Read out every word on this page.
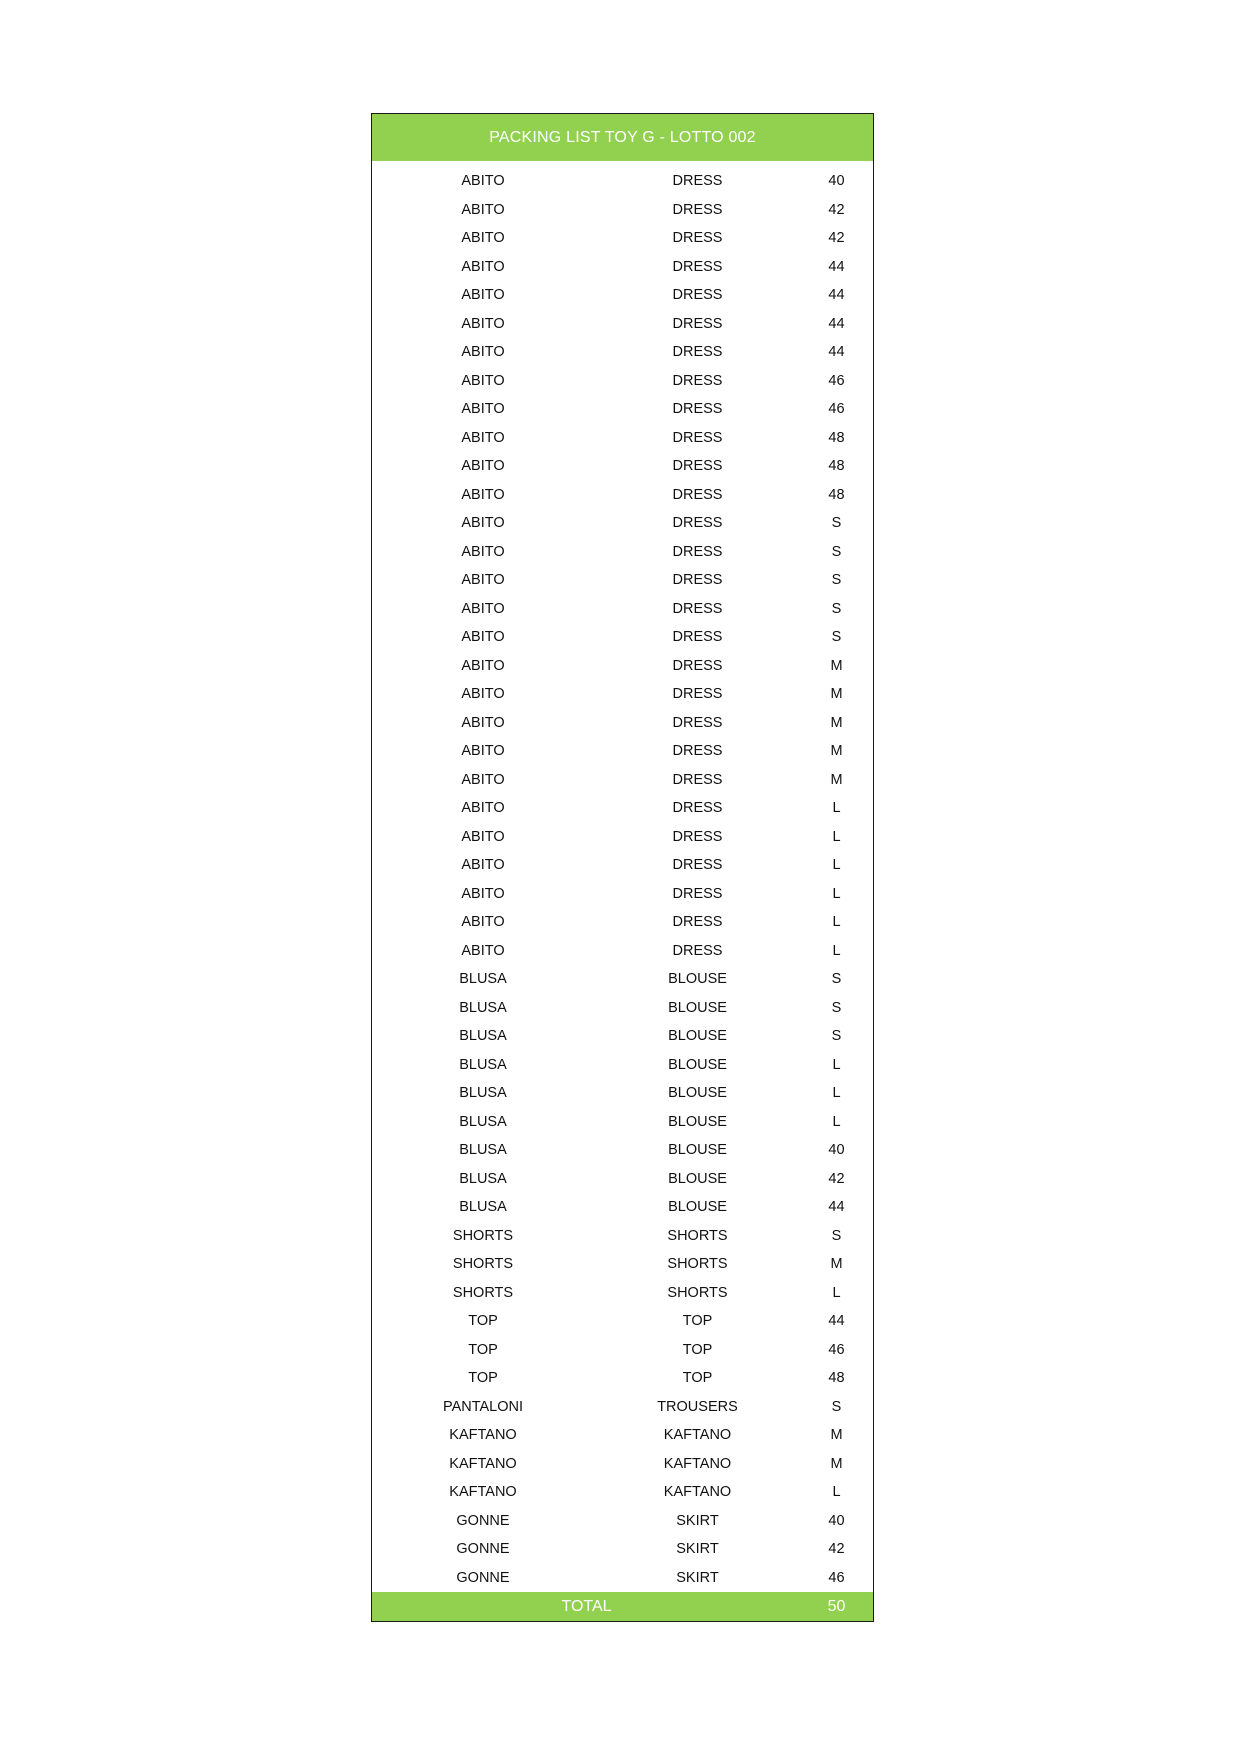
PACKING LIST TOY G - LOTTO 002
ABITO	DRESS	40
ABITO	DRESS	42
ABITO	DRESS	42
ABITO	DRESS	44
ABITO	DRESS	44
ABITO	DRESS	44
ABITO	DRESS	44
ABITO	DRESS	46
ABITO	DRESS	46
ABITO	DRESS	48
ABITO	DRESS	48
ABITO	DRESS	48
ABITO	DRESS	S
ABITO	DRESS	S
ABITO	DRESS	S
ABITO	DRESS	S
ABITO	DRESS	S
ABITO	DRESS	M
ABITO	DRESS	M
ABITO	DRESS	M
ABITO	DRESS	M
ABITO	DRESS	M
ABITO	DRESS	L
ABITO	DRESS	L
ABITO	DRESS	L
ABITO	DRESS	L
ABITO	DRESS	L
ABITO	DRESS	L
BLUSA	BLOUSE	S
BLUSA	BLOUSE	S
BLUSA	BLOUSE	S
BLUSA	BLOUSE	L
BLUSA	BLOUSE	L
BLUSA	BLOUSE	L
BLUSA	BLOUSE	40
BLUSA	BLOUSE	42
BLUSA	BLOUSE	44
SHORTS	SHORTS	S
SHORTS	SHORTS	M
SHORTS	SHORTS	L
TOP	TOP	44
TOP	TOP	46
TOP	TOP	48
PANTALONI	TROUSERS	S
KAFTANO	KAFTANO	M
KAFTANO	KAFTANO	M
KAFTANO	KAFTANO	L
GONNE	SKIRT	40
GONNE	SKIRT	42
GONNE	SKIRT	46
TOTAL	50
